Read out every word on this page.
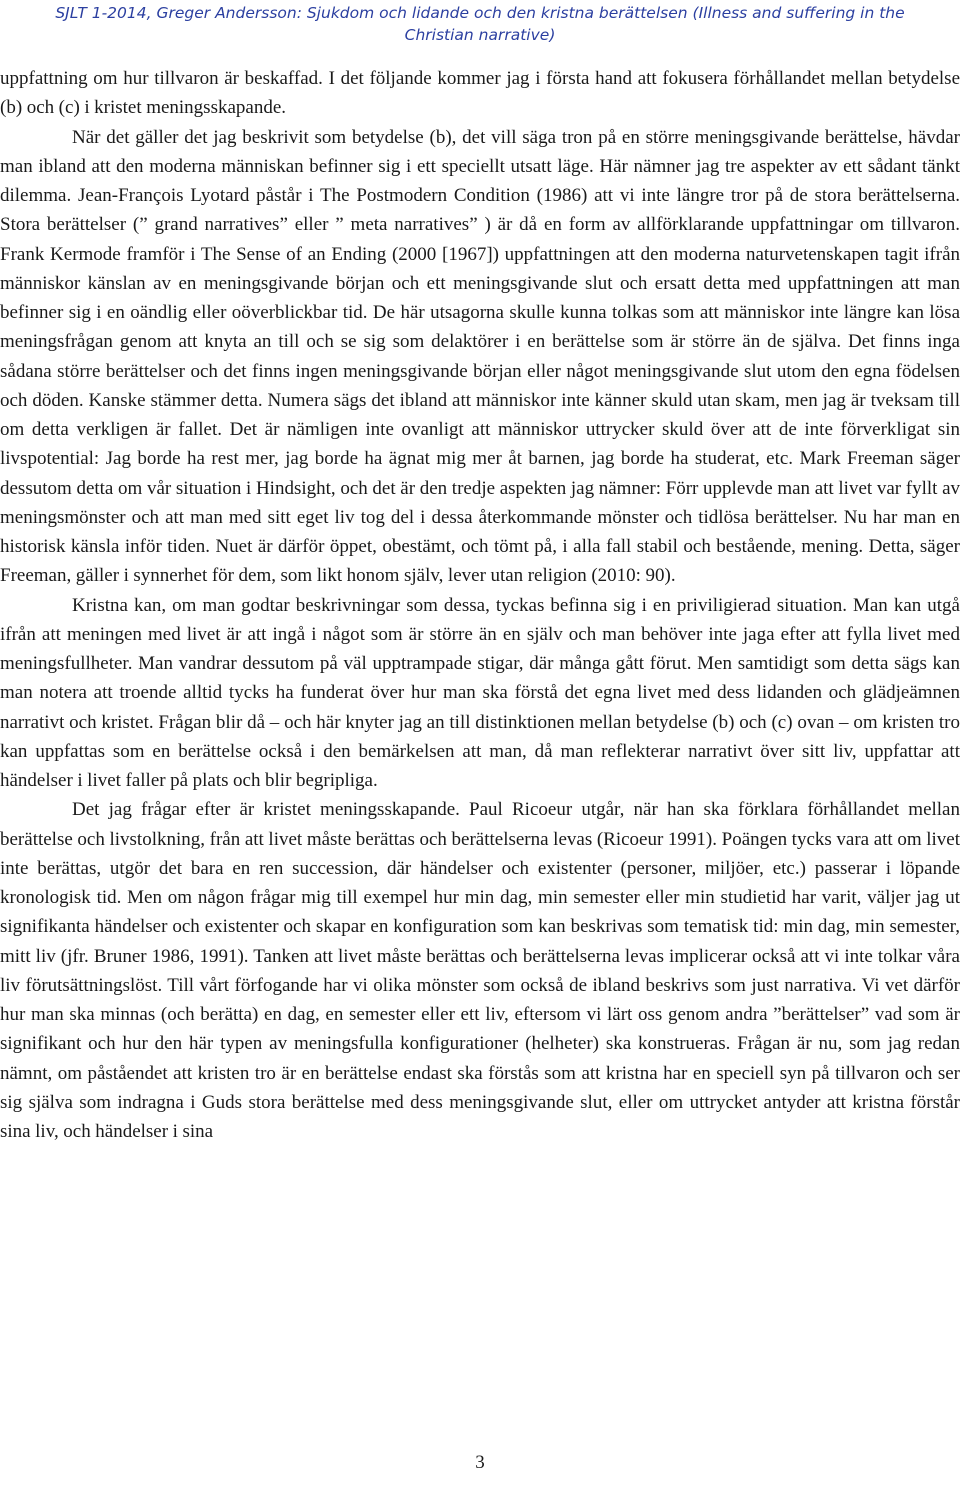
SJLT 1-2014, Greger Andersson: Sjukdom och lidande och den kristna berättelsen (Illness and suffering in the
Christian narrative)

uppfattning om hur tillvaron är beskaffad. I det följande kommer jag i första hand att fokusera förhållandet mellan betydelse (b) och (c) i kristet meningsskapande.

När det gäller det jag beskrivit som betydelse (b), det vill säga tron på en större meningsgivande berättelse, hävdar man ibland att den moderna människan befinner sig i ett speciellt utsatt läge. Här nämner jag tre aspekter av ett sådant tänkt dilemma. Jean-François Lyotard påstår i The Postmodern Condition (1986) att vi inte längre tror på de stora berättelserna. Stora berättelser (” grand narratives” eller ” meta narratives” ) är då en form av allförklarande uppfattningar om tillvaron. Frank Kermode framför i The Sense of an Ending (2000 [1967]) uppfattningen att den moderna naturvetenskapen tagit ifrån människor känslan av en meningsgivande början och ett meningsgivande slut och ersatt detta med uppfattningen att man befinner sig i en oändlig eller oöverblickbar tid. De här utsagorna skulle kunna tolkas som att människor inte längre kan lösa meningsfrågan genom att knyta an till och se sig som delaktörer i en berättelse som är större än de själva. Det finns inga sådana större berättelser och det finns ingen meningsgivande början eller något meningsgivande slut utom den egna födelsen och döden. Kanske stämmer detta. Numera sägs det ibland att människor inte känner skuld utan skam, men jag är tveksam till om detta verkligen är fallet. Det är nämligen inte ovanligt att människor uttrycker skuld över att de inte förverkligat sin livspotential: Jag borde ha rest mer, jag borde ha ägnat mig mer åt barnen, jag borde ha studerat, etc. Mark Freeman säger dessutom detta om vår situation i Hindsight, och det är den tredje aspekten jag nämner: Förr upplevde man att livet var fyllt av meningsmönster och att man med sitt eget liv tog del i dessa återkommande mönster och tidlösa berättelser. Nu har man en historisk känsla inför tiden. Nuet är därför öppet, obestämt, och tömt på, i alla fall stabil och bestående, mening. Detta, säger Freeman, gäller i synnerhet för dem, som likt honom själv, lever utan religion (2010: 90).

Kristna kan, om man godtar beskrivningar som dessa, tyckas befinna sig i en priviligierad situation. Man kan utgå ifrån att meningen med livet är att ingå i något som är större än en själv och man behöver inte jaga efter att fylla livet med meningsfullheter. Man vandrar dessutom på väl upptrampade stigar, där många gått förut. Men samtidigt som detta sägs kan man notera att troende alltid tycks ha funderat över hur man ska förstå det egna livet med dess lidanden och glädjeämnen narrativt och kristet. Frågan blir då – och här knyter jag an till distinktionen mellan betydelse (b) och (c) ovan – om kristen tro kan uppfattas som en berättelse också i den bemärkelsen att man, då man reflekterar narrativt över sitt liv, uppfattar att händelser i livet faller på plats och blir begripliga.

Det jag frågar efter är kristet meningsskapande. Paul Ricoeur utgår, när han ska förklara förhållandet mellan berättelse och livstolkning, från att livet måste berättas och berättelserna levas (Ricoeur 1991). Poängen tycks vara att om livet inte berättas, utgör det bara en ren succession, där händelser och existenter (personer, miljöer, etc.) passerar i löpande kronologisk tid. Men om någon frågar mig till exempel hur min dag, min semester eller min studietid har varit, väljer jag ut signifikanta händelser och existenter och skapar en konfiguration som kan beskrivas som tematisk tid: min dag, min semester, mitt liv (jfr. Bruner 1986, 1991). Tanken att livet måste berättas och berättelserna levas implicerar också att vi inte tolkar våra liv förutsättningslöst. Till vårt förfogande har vi olika mönster som också de ibland beskrivs som just narrativa. Vi vet därför hur man ska minnas (och berätta) en dag, en semester eller ett liv, eftersom vi lärt oss genom andra ”berättelser” vad som är signifikant och hur den här typen av meningsfulla konfigurationer (helheter) ska konstrueras. Frågan är nu, som jag redan nämnt, om påståendet att kristen tro är en berättelse endast ska förstås som att kristna har en speciell syn på tillvaron och ser sig själva som indragna i Guds stora berättelse med dess meningsgivande slut, eller om uttrycket antyder att kristna förstår sina liv, och händelser i sina

3
